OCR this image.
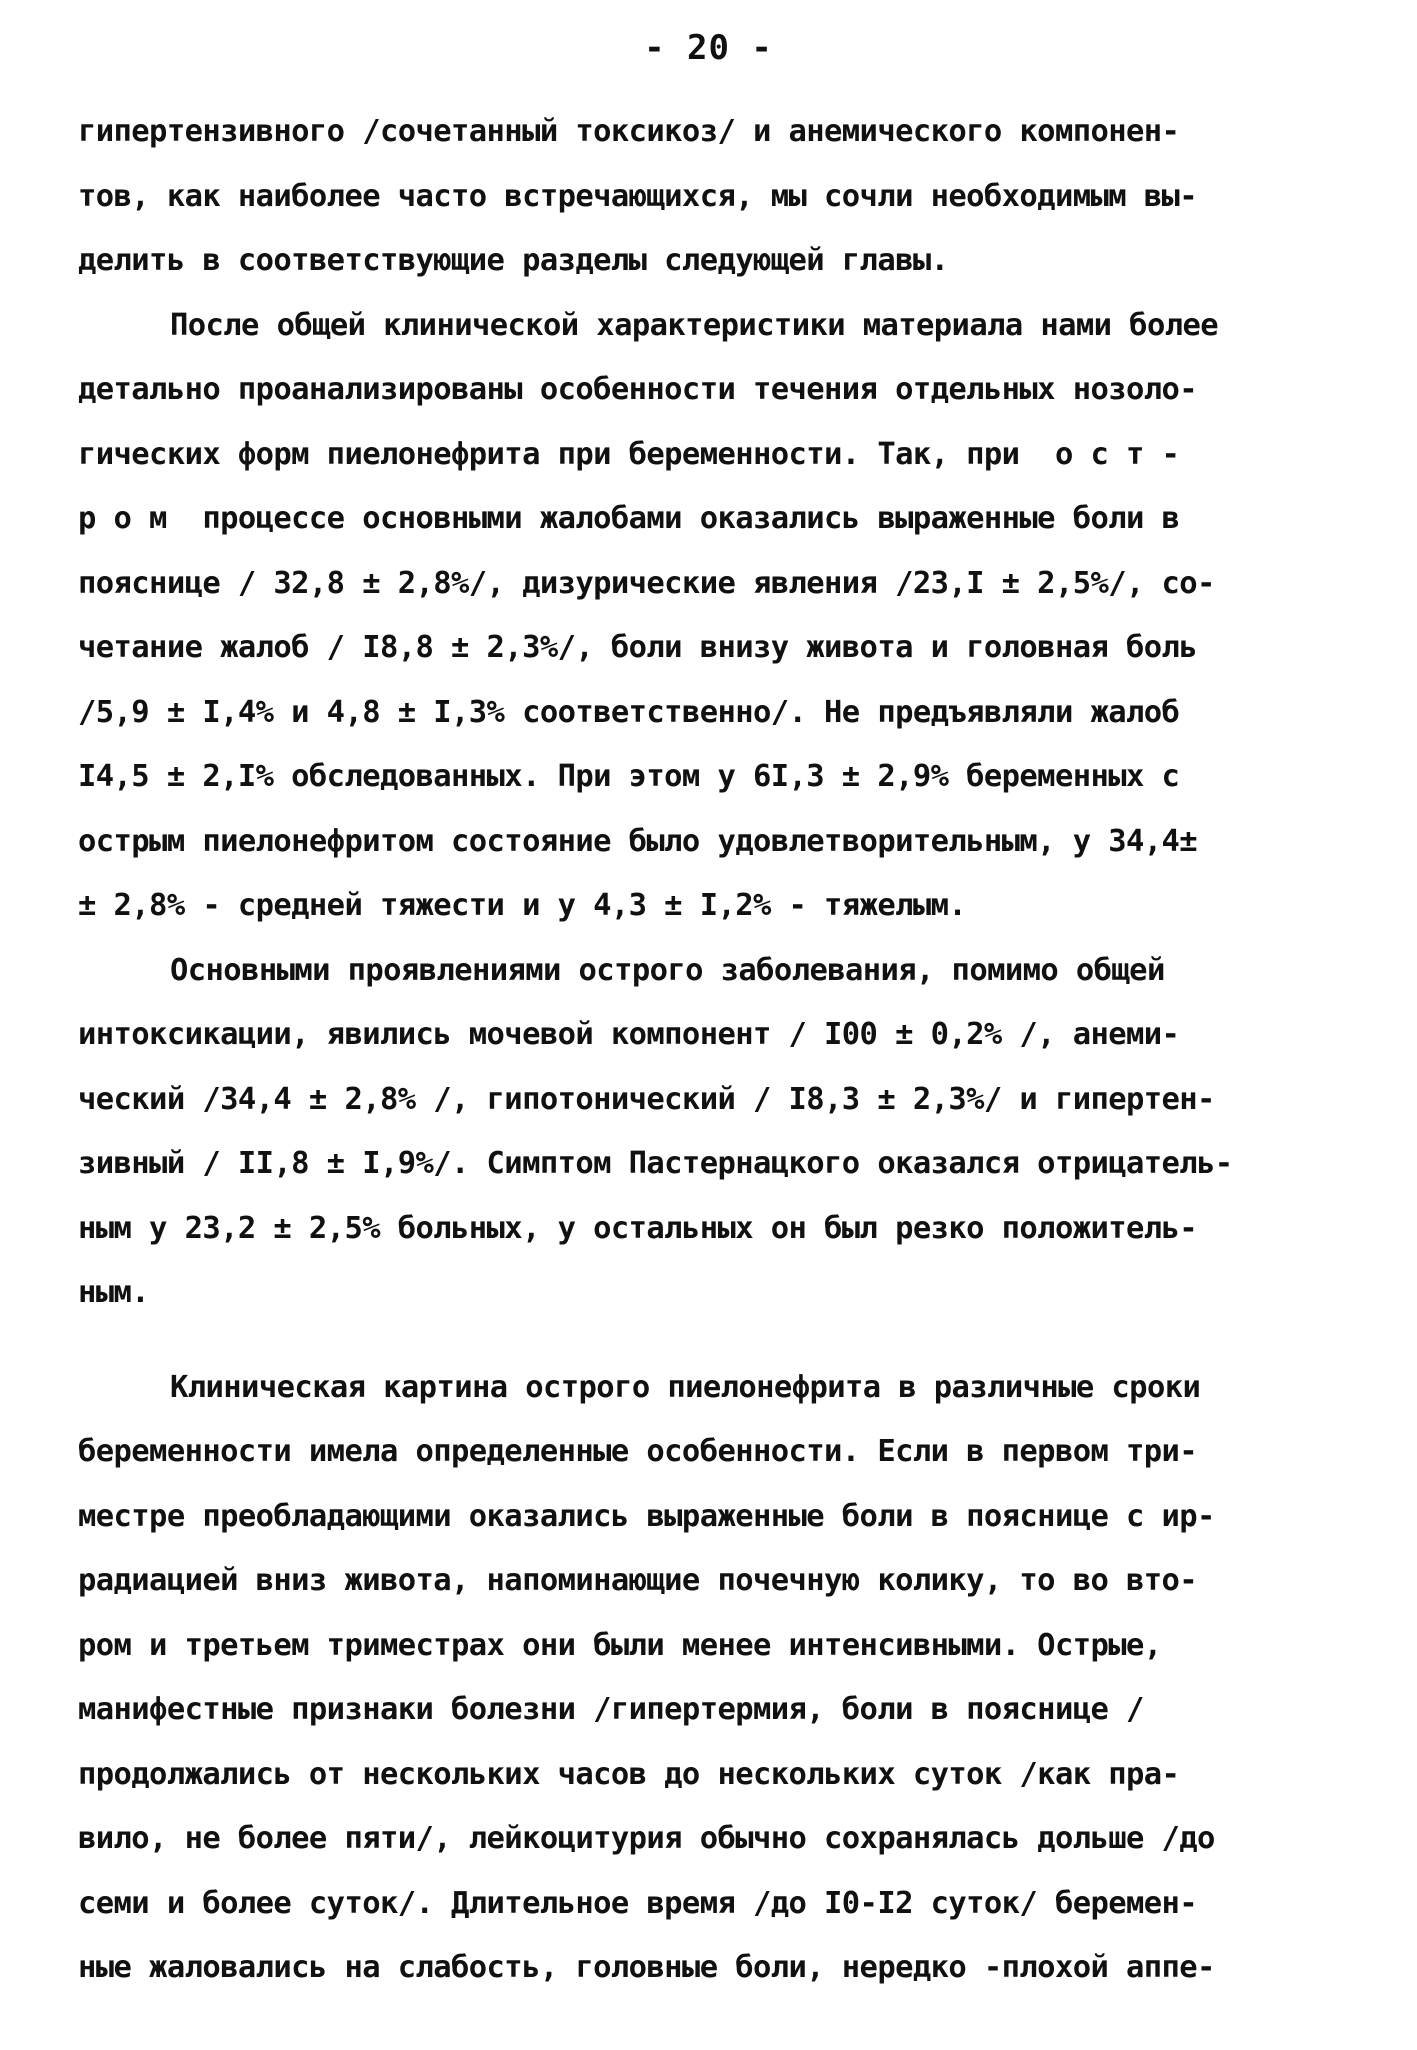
- 20 -
гипертензивного /сочетанный токсикоз/ и анемического компонен-
тов, как наиболее часто встречающихся, мы сочли необходимым вы-
делить в соответствующие разделы следующей главы.
После общей клинической характеристики материала нами более
детально проанализированы особенности течения отдельных нозоло-
гических форм пиелонефрита при беременности. Так, при  о с т -
р о м  процессе основными жалобами оказались выраженные боли в
пояснице / 32,8 ± 2,8%/, дизурические явления /23,I ± 2,5%/, со-
четание жалоб / I8,8 ± 2,3%/, боли внизу живота и головная боль
/5,9 ± I,4% и 4,8 ± I,3% соответственно/. Не предъявляли жалоб
I4,5 ± 2,I% обследованных. При этом у 6I,3 ± 2,9% беременных с
острым пиелонефритом состояние было удовлетворительным, у 34,4±
± 2,8% - средней тяжести и у 4,3 ± I,2% - тяжелым.
Основными проявлениями острого заболевания, помимо общей
интоксикации, явились мочевой компонент / I00 ± 0,2% /, анеми-
ческий /34,4 ± 2,8% /, гипотонический / I8,3 ± 2,3%/ и гипертен-
зивный / II,8 ± I,9%/. Симптом Пастернацкого оказался отрицатель-
ным у 23,2 ± 2,5% больных, у остальных он был резко положитель-
ным.
Клиническая картина острого пиелонефрита в различные сроки
беременности имела определенные особенности. Если в первом три-
местре преобладающими оказались выраженные боли в пояснице с ир-
радиацией вниз живота, напоминающие почечную колику, то во вто-
ром и третьем триместрах они были менее интенсивными. Острые,
манифестные признаки болезни /гипертермия, боли в пояснице /
продолжались от нескольких часов до нескольких суток /как пра-
вило, не более пяти/, лейкоцитурия обычно сохранялась дольше /до
семи и более суток/. Длительное время /до I0-I2 суток/ беремен-
ные жаловались на слабость, головные боли, нередко -плохой аппе-
